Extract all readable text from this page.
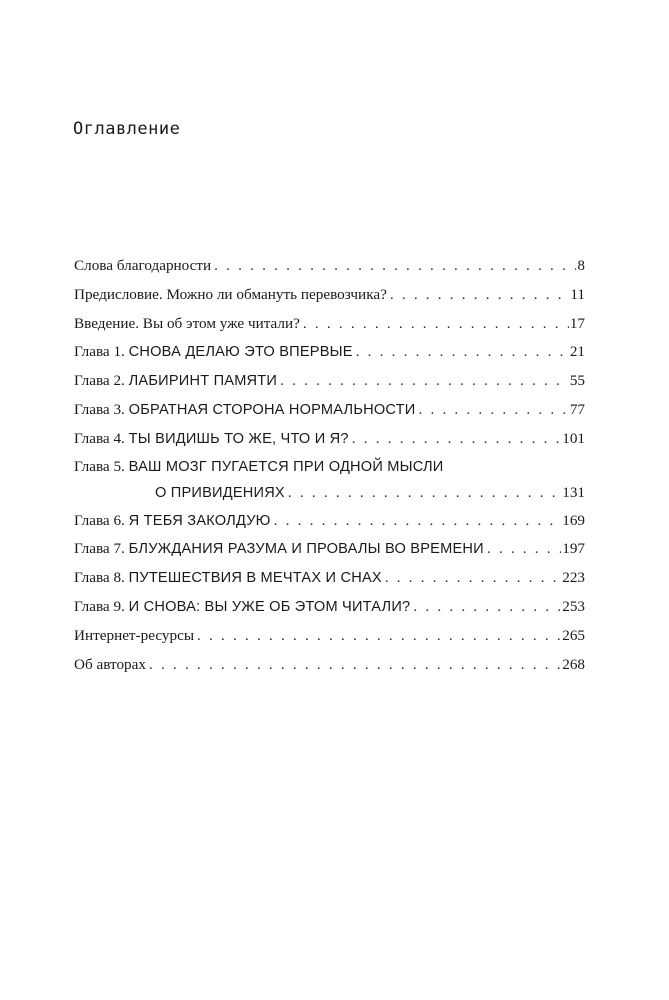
Оглавление
Слова благодарности . . .	8
Предисловие. Можно ли обмануть перевозчика? . . .	11
Введение. Вы об этом уже читали? . . .	17
Глава 1. СНОВА ДЕЛАЮ ЭТО ВПЕРВЫЕ . . .	21
Глава 2. ЛАБИРИНТ ПАМЯТИ . . .	55
Глава 3. ОБРАТНАЯ СТОРОНА НОРМАЛЬНОСТИ . . .	77
Глава 4. ТЫ ВИДИШЬ ТО ЖЕ, ЧТО И Я? . . .	101
Глава 5. ВАШ МОЗГ ПУГАЕТСЯ ПРИ ОДНОЙ МЫСЛИ
О ПРИВИДЕНИЯХ . . .	131
Глава 6. Я ТЕБЯ ЗАКОЛДУЮ . . .	169
Глава 7. БЛУЖДАНИЯ РАЗУМА И ПРОВАЛЫ ВО ВРЕМЕНИ . . .	197
Глава 8. ПУТЕШЕСТВИЯ В МЕЧТАХ И СНАХ . . .	223
Глава 9. И СНОВА: ВЫ УЖЕ ОБ ЭТОМ ЧИТАЛИ? . . .	253
Интернет-ресурсы . . .	265
Об авторах . . .	268
